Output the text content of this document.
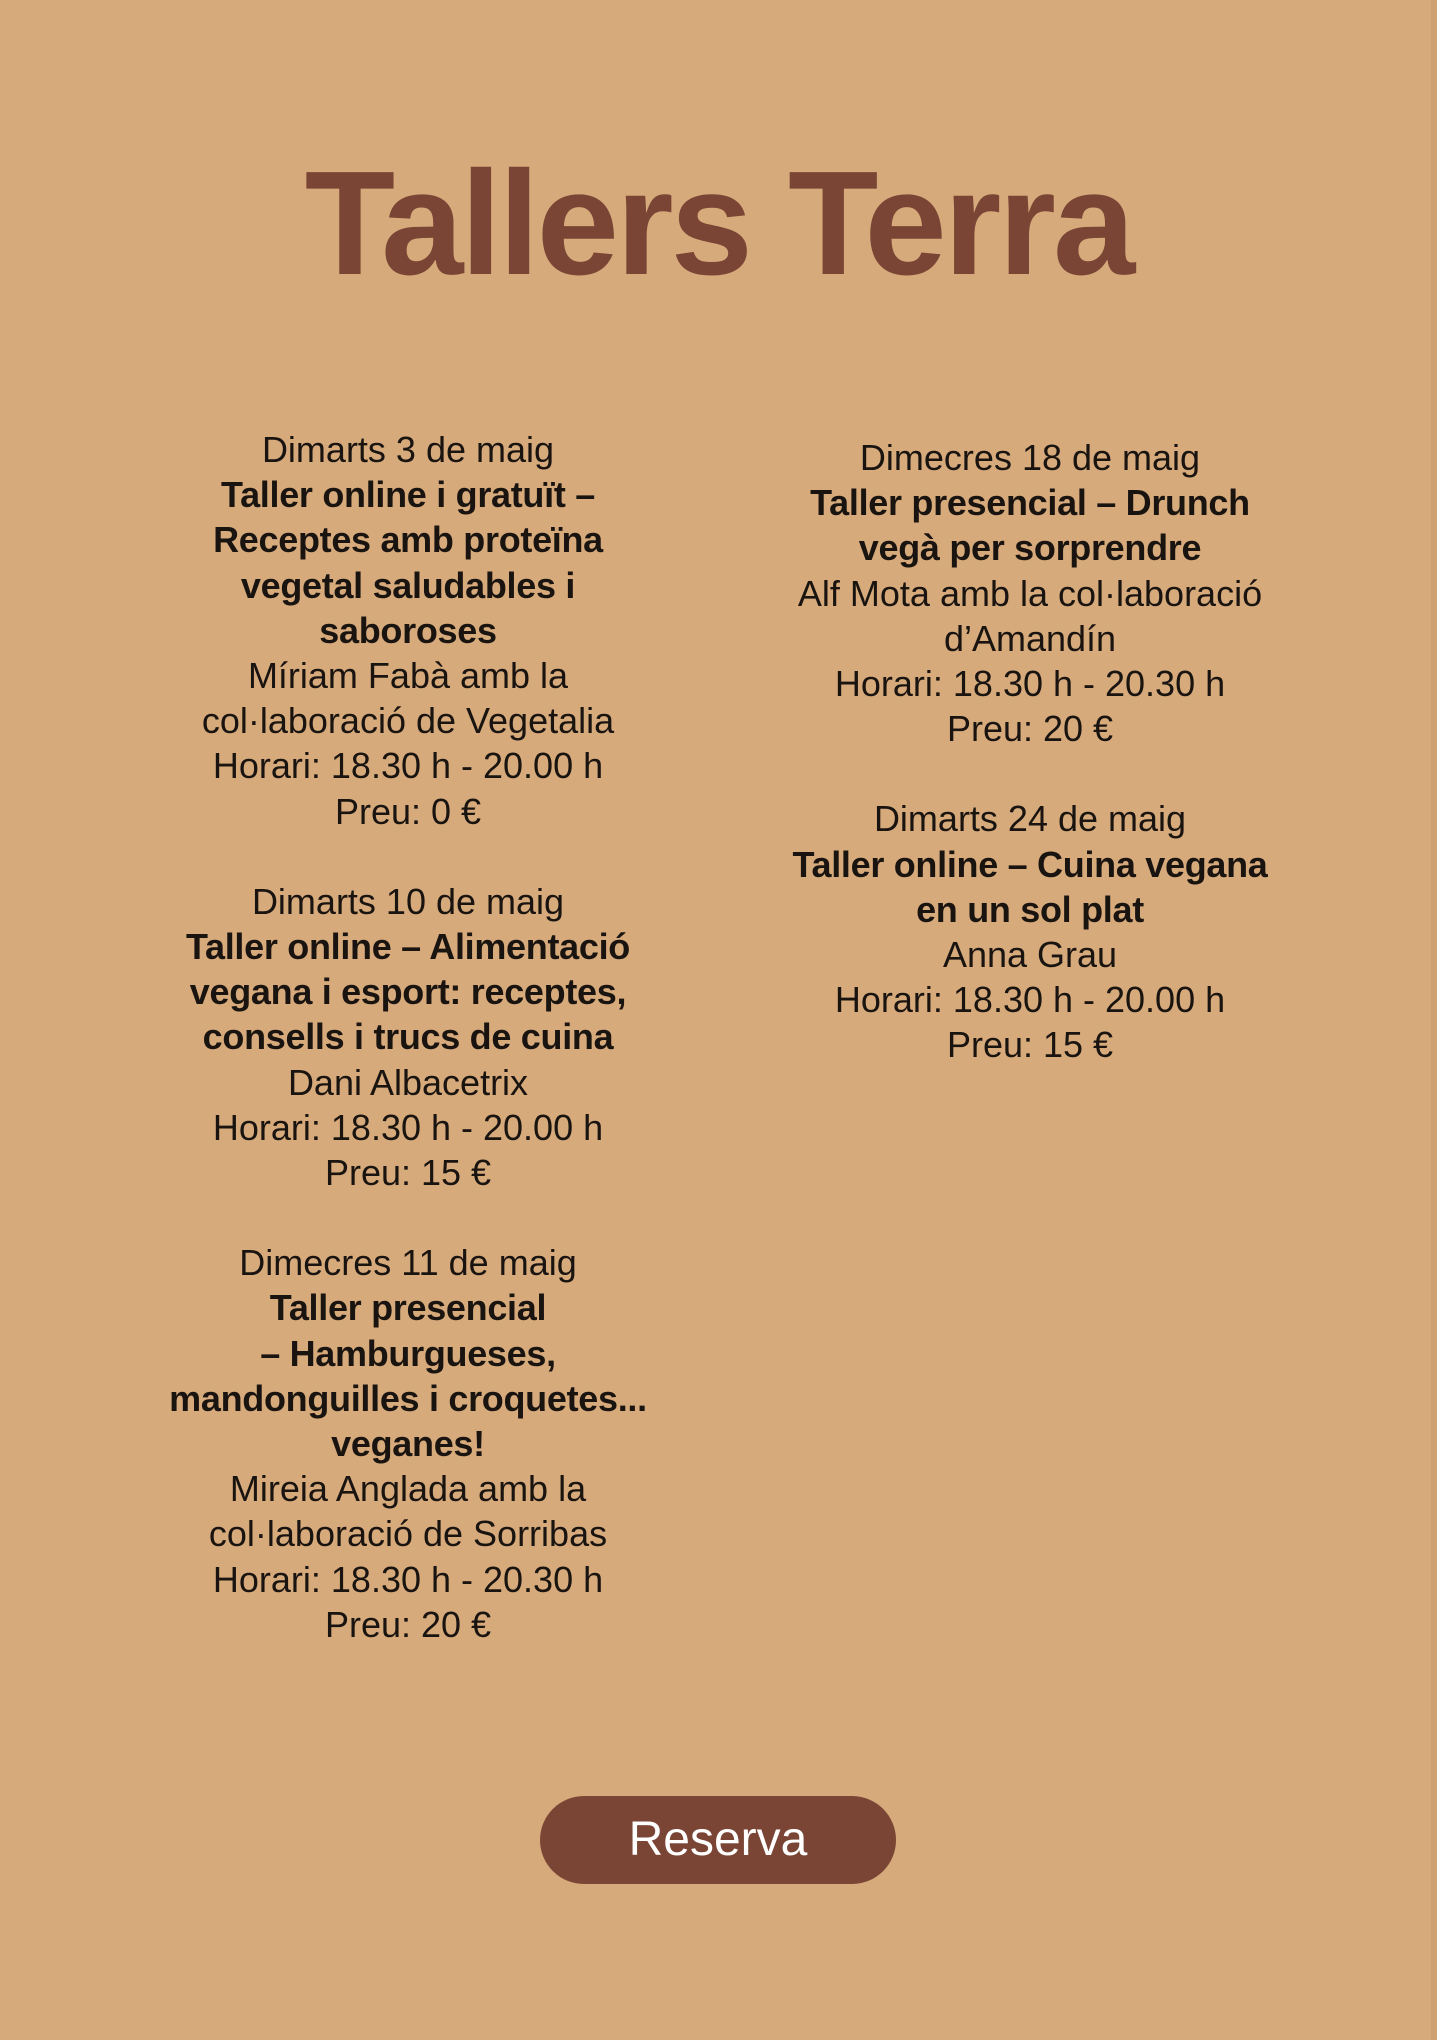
Tallers Terra
Dimarts 3 de maig
Taller online i gratuït –
Receptes amb proteïna
vegetal saludables i
saboroses
Míriam Fabà amb la
col·laboració de Vegetalia
Horari: 18.30 h - 20.00 h
Preu: 0 €
Dimarts 10 de maig
Taller online – Alimentació
vegana i esport: receptes,
consells i trucs de cuina
Dani Albacetrix
Horari: 18.30 h - 20.00 h
Preu: 15 €
Dimecres 11 de maig
Taller presencial
– Hamburgueses,
mandonguilles i croquetes...
veganes!
Mireia Anglada amb la
col·laboració de Sorribas
Horari: 18.30 h - 20.30 h
Preu: 20 €
Dimecres 18 de maig
Taller presencial – Drunch
vegà per sorprendre
Alf Mota amb la col·laboració
d’Amandín
Horari: 18.30 h - 20.30 h
Preu: 20 €
Dimarts 24 de maig
Taller online – Cuina vegana
en un sol plat
Anna Grau
Horari: 18.30 h - 20.00 h
Preu: 15 €
Reserva
